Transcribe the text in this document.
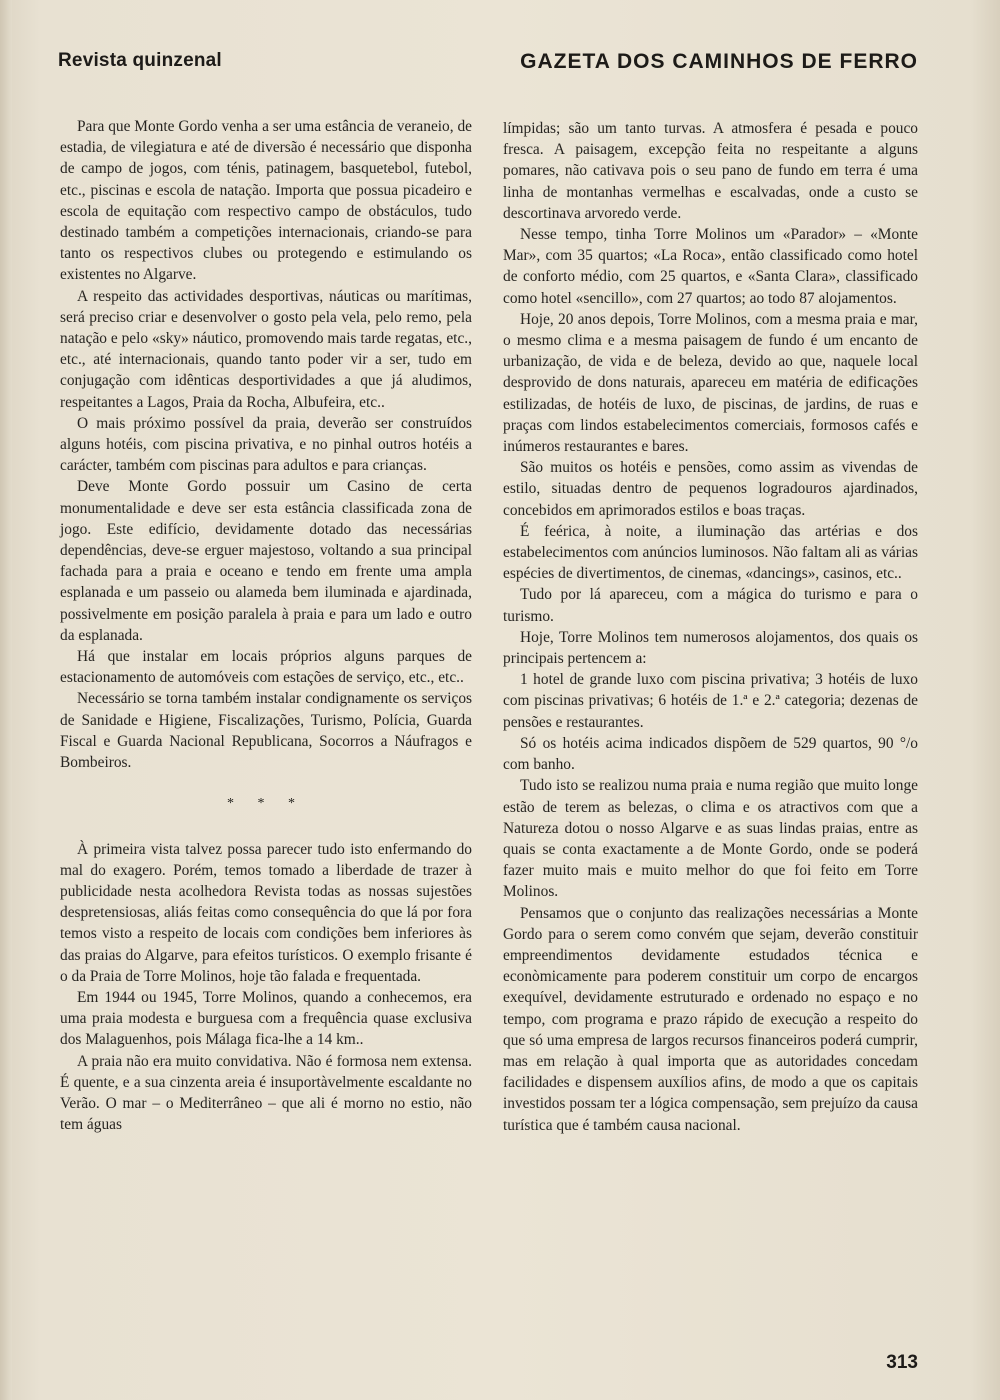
Revista quinzenal	GAZETA DOS CAMINHOS DE FERRO

Para que Monte Gordo venha a ser uma estância de veraneio, de estadia, de vilegiatura e até de diversão é necessário que disponha de campo de jogos, com ténis, patinagem, basquetebol, futebol, etc., piscinas e escola de natação. Importa que possua picadeiro e escola de equitação com respectivo campo de obstáculos, tudo destinado também a competições internacionais, criando-se para tanto os respectivos clubes ou protegendo e estimulando os existentes no Algarve.

A respeito das actividades desportivas, náuticas ou marítimas, será preciso criar e desenvolver o gosto pela vela, pelo remo, pela natação e pelo «sky» náutico, promovendo mais tarde regatas, etc., etc., até internacionais, quando tanto poder vir a ser, tudo em conjugação com idênticas desportividades a que já aludimos, respeitantes a Lagos, Praia da Rocha, Albufeira, etc..

O mais próximo possível da praia, deverão ser construídos alguns hotéis, com piscina privativa, e no pinhal outros hotéis a carácter, também com piscinas para adultos e para crianças.

Deve Monte Gordo possuir um Casino de certa monumentalidade e deve ser esta estância classificada zona de jogo. Este edifício, devidamente dotado das necessárias dependências, deve-se erguer majestoso, voltando a sua principal fachada para a praia e oceano e tendo em frente uma ampla esplanada e um passeio ou alameda bem iluminada e ajardinada, possivelmente em posição paralela à praia e para um lado e outro da esplanada.

Há que instalar em locais próprios alguns parques de estacionamento de automóveis com estações de serviço, etc., etc..

Necessário se torna também instalar condignamente os serviços de Sanidade e Higiene, Fiscalizações, Turismo, Polícia, Guarda Fiscal e Guarda Nacional Republicana, Socorros a Náufragos e Bombeiros.

* * *

À primeira vista talvez possa parecer tudo isto enfermando do mal do exagero. Porém, temos tomado a liberdade de trazer à publicidade nesta acolhedora Revista todas as nossas sujestões despretensiosas, aliás feitas como consequência do que lá por fora temos visto a respeito de locais com condições bem inferiores às das praias do Algarve, para efeitos turísticos. O exemplo frisante é o da Praia de Torre Molinos, hoje tão falada e frequentada.

Em 1944 ou 1945, Torre Molinos, quando a conhecemos, era uma praia modesta e burguesa com a frequência quase exclusiva dos Malaguenhos, pois Málaga fica-lhe a 14 km..

A praia não era muito convidativa. Não é formosa nem extensa. É quente, e a sua cinzenta areia é insuportàvelmente escaldante no Verão. O mar – o Mediterrâneo – que ali é morno no estio, não tem águas

límpidas; são um tanto turvas. A atmosfera é pesada e pouco fresca. A paisagem, excepção feita no respeitante a alguns pomares, não cativava pois o seu pano de fundo em terra é uma linha de montanhas vermelhas e escalvadas, onde a custo se descortinava arvoredo verde.

Nesse tempo, tinha Torre Molinos um «Parador» – «Monte Mar», com 35 quartos; «La Roca», então classificado como hotel de conforto médio, com 25 quartos, e «Santa Clara», classificado como hotel «sencillo», com 27 quartos; ao todo 87 alojamentos.

Hoje, 20 anos depois, Torre Molinos, com a mesma praia e mar, o mesmo clima e a mesma paisagem de fundo é um encanto de urbanização, de vida e de beleza, devido ao que, naquele local desprovido de dons naturais, apareceu em matéria de edificações estilizadas, de hotéis de luxo, de piscinas, de jardins, de ruas e praças com lindos estabelecimentos comerciais, formosos cafés e inúmeros restaurantes e bares.

São muitos os hotéis e pensões, como assim as vivendas de estilo, situadas dentro de pequenos logradouros ajardinados, concebidos em aprimorados estilos e boas traças.

É feérica, à noite, a iluminação das artérias e dos estabelecimentos com anúncios luminosos. Não faltam ali as várias espécies de divertimentos, de cinemas, «dancings», casinos, etc..

Tudo por lá apareceu, com a mágica do turismo e para o turismo.

Hoje, Torre Molinos tem numerosos alojamentos, dos quais os principais pertencem a:

1 hotel de grande luxo com piscina privativa; 3 hotéis de luxo com piscinas privativas; 6 hotéis de 1.ª e 2.ª categoria; dezenas de pensões e restaurantes.

Só os hotéis acima indicados dispõem de 529 quartos, 90 °/o com banho.

Tudo isto se realizou numa praia e numa região que muito longe estão de terem as belezas, o clima e os atractivos com que a Natureza dotou o nosso Algarve e as suas lindas praias, entre as quais se conta exactamente a de Monte Gordo, onde se poderá fazer muito mais e muito melhor do que foi feito em Torre Molinos.

Pensamos que o conjunto das realizações necessárias a Monte Gordo para o serem como convém que sejam, deverão constituir empreendimentos devidamente estudados técnica e econòmicamente para poderem constituir um corpo de encargos exequível, devidamente estruturado e ordenado no espaço e no tempo, com programa e prazo rápido de execução a respeito do que só uma empresa de largos recursos financeiros poderá cumprir, mas em relação à qual importa que as autoridades concedam facilidades e dispensem auxílios afins, de modo a que os capitais investidos possam ter a lógica compensação, sem prejuízo da causa turística que é também causa nacional.

313
